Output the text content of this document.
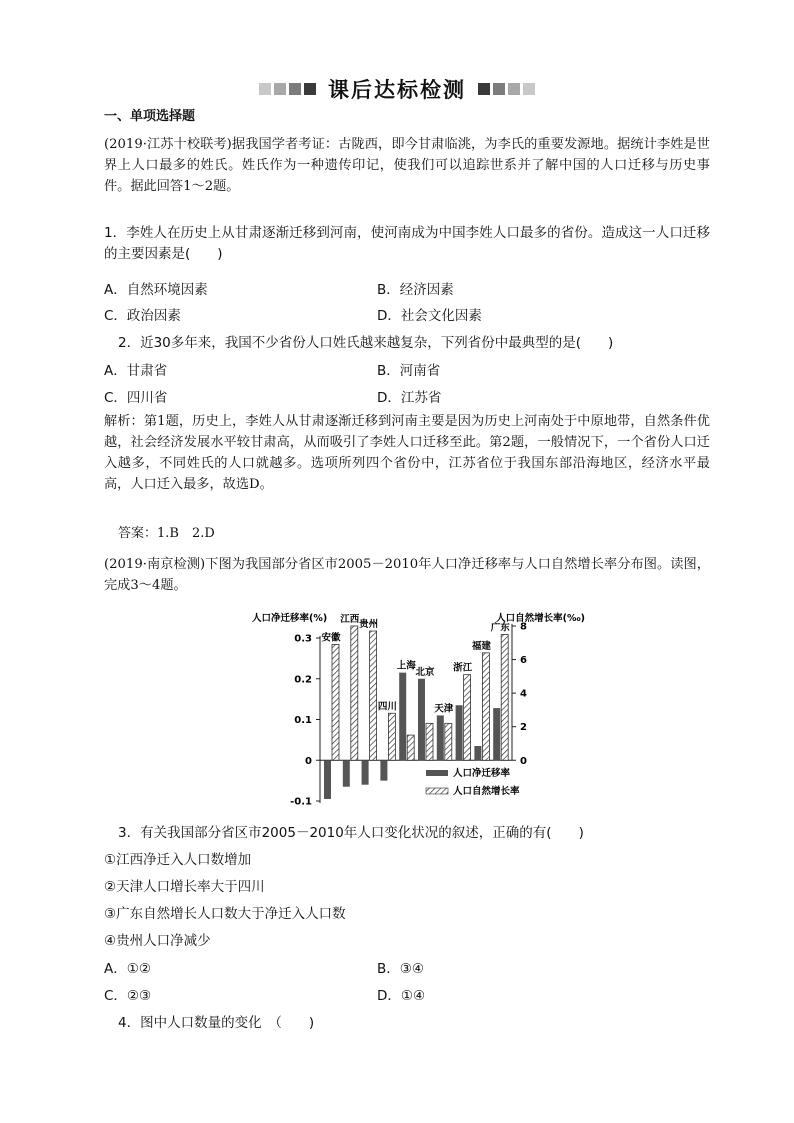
课后达标检测
一、单项选择题

(2019·江苏十校联考)据我国学者考证：古陇西，即今甘肃临洮，为李氏的重要发源地。据统计李姓是世界上人口最多的姓氏。姓氏作为一种遗传印记，使我们可以追踪世系并了解中国的人口迁移与历史事件。据此回答1～2题。

1．李姓人在历史上从甘肃逐渐迁移到河南，使河南成为中国李姓人口最多的省份。造成这一人口迁移的主要因素是(　　)

A．自然环境因素	B．经济因素

C．政治因素	D．社会文化因素

2．近30多年来，我国不少省份人口姓氏越来越复杂，下列省份中最典型的是(　　)

A．甘肃省	B．河南省

C．四川省	D．江苏省

解析：第1题，历史上，李姓人从甘肃逐渐迁移到河南主要是因为历史上河南处于中原地带，自然条件优越，社会经济发展水平较甘肃高，从而吸引了李姓人口迁移至此。第2题，一般情况下，一个省份人口迁入越多，不同姓氏的人口就越多。选项所列四个省份中，江苏省位于我国东部沿海地区，经济水平最高，人口迁入最多，故选D。

答案：1.B　2.D

(2019·南京检测)下图为我国部分省区市2005－2010年人口净迁移率与人口自然增长率分布图。读图，完成3～4题。

人口净迁移率(%)	人口自然增长率(‰)
0.3
0.2
0.1
0
-0.1
8
6
4
2
0
安徽
江西 贵州
四川
上海
北京
天津
浙江
福建
广东
人口净迁移率
人口自然增长率

3．有关我国部分省区市2005－2010年人口变化状况的叙述，正确的有(　　)

①江西净迁入人口数增加

②天津人口增长率大于四川

③广东自然增长人口数大于净迁入人口数

④贵州人口净减少

A．①②	B．③④

C．②③	D．①④

4．图中人口数量的变化　（　　)
